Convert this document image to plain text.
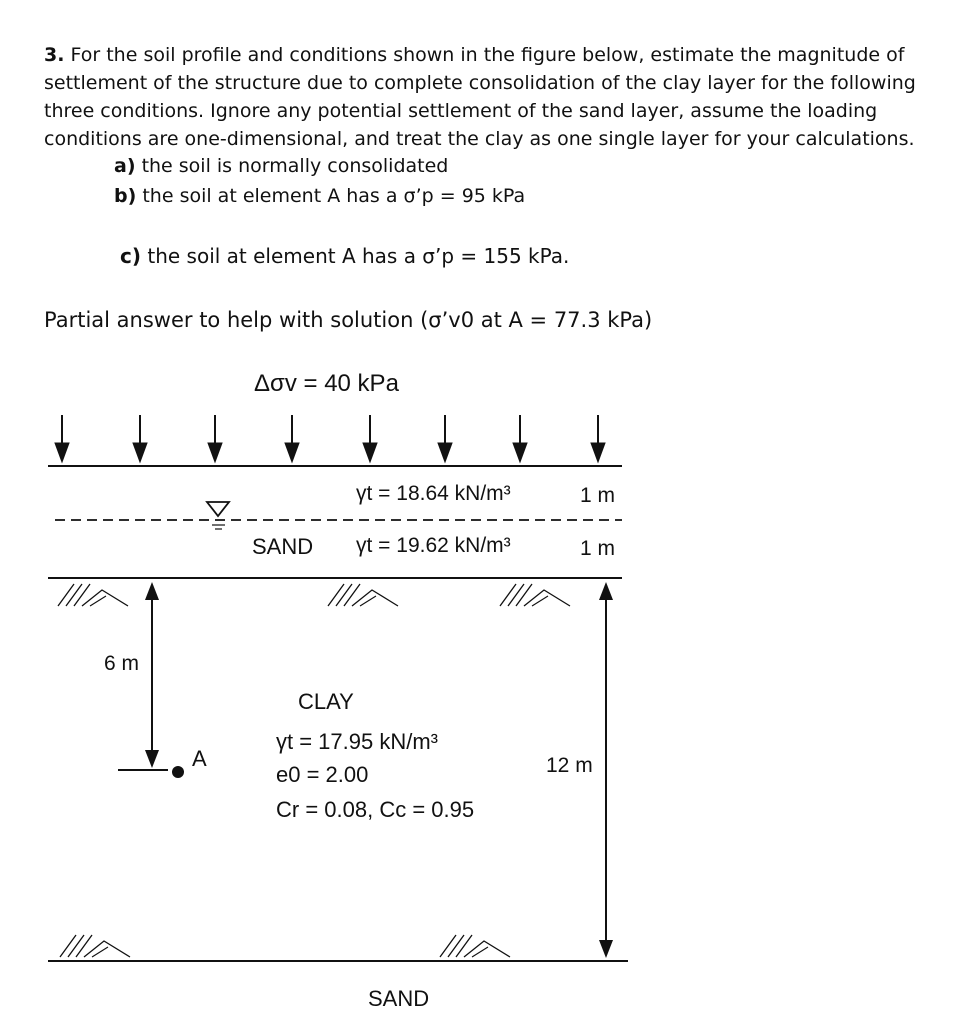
3. For the soil profile and conditions shown in the figure below, estimate the magnitude of settlement of the structure due to complete consolidation of the clay layer for the following three conditions. Ignore any potential settlement of the sand layer, assume the loading conditions are one-dimensional, and treat the clay as one single layer for your calculations.
a) the soil is normally consolidated
b) the soil at element A has a σ’p = 95 kPa
c) the soil at element A has a σ’p = 155 kPa.
Partial answer to help with solution (σ’v0 at A = 77.3 kPa)
Δσv = 40 kPa
γt = 18.64 kN/m³	1 m
SAND γt = 19.62 kN/m³	1 m
6 m
A
CLAY
γt = 17.95 kN/m³
e0 = 2.00
Cr = 0.08, Cc = 0.95
12 m
SAND
